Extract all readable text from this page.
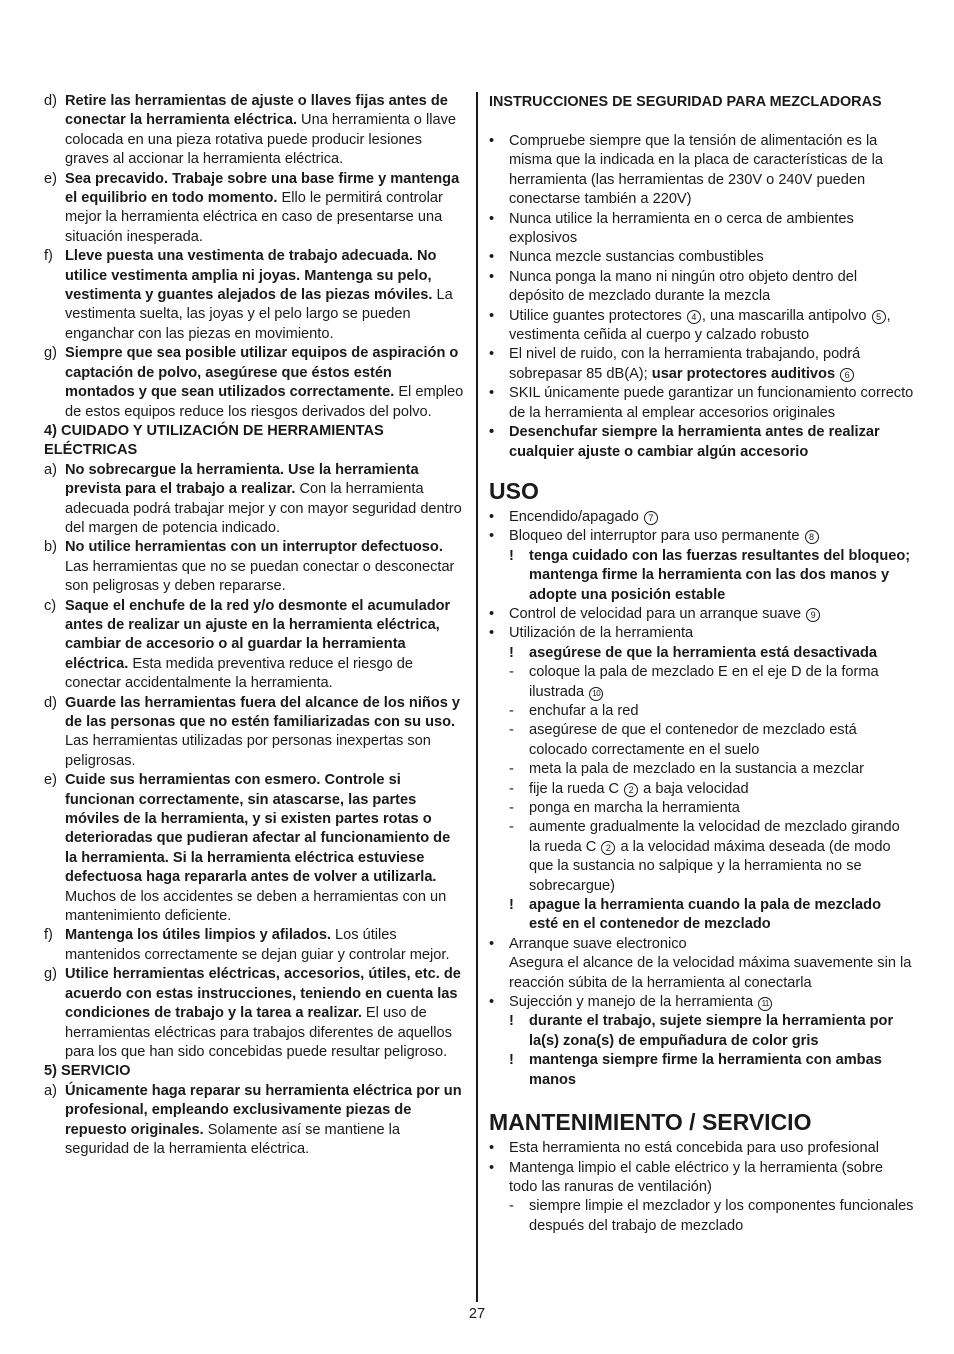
d) Retire las herramientas de ajuste o llaves fijas antes de conectar la herramienta eléctrica. Una herramienta o llave colocada en una pieza rotativa puede producir lesiones graves al accionar la herramienta eléctrica.
e) Sea precavido. Trabaje sobre una base firme y mantenga el equilibrio en todo momento. Ello le permitirá controlar mejor la herramienta eléctrica en caso de presentarse una situación inesperada.
f) Lleve puesta una vestimenta de trabajo adecuada. No utilice vestimenta amplia ni joyas. Mantenga su pelo, vestimenta y guantes alejados de las piezas móviles. La vestimenta suelta, las joyas y el pelo largo se pueden enganchar con las piezas en movimiento.
g) Siempre que sea posible utilizar equipos de aspiración o captación de polvo, asegúrese que éstos estén montados y que sean utilizados correctamente. El empleo de estos equipos reduce los riesgos derivados del polvo.
4) CUIDADO Y UTILIZACIÓN DE HERRAMIENTAS ELÉCTRICAS
a) No sobrecargue la herramienta. Use la herramienta prevista para el trabajo a realizar. Con la herramienta adecuada podrá trabajar mejor y con mayor seguridad dentro del margen de potencia indicado.
b) No utilice herramientas con un interruptor defectuoso. Las herramientas que no se puedan conectar o desconectar son peligrosas y deben repararse.
c) Saque el enchufe de la red y/o desmonte el acumulador antes de realizar un ajuste en la herramienta eléctrica, cambiar de accesorio o al guardar la herramienta eléctrica. Esta medida preventiva reduce el riesgo de conectar accidentalmente la herramienta.
d) Guarde las herramientas fuera del alcance de los niños y de las personas que no estén familiarizadas con su uso. Las herramientas utilizadas por personas inexpertas son peligrosas.
e) Cuide sus herramientas con esmero. Controle si funcionan correctamente, sin atascarse, las partes móviles de la herramienta, y si existen partes rotas o deterioradas que pudieran afectar al funcionamiento de la herramienta. Si la herramienta eléctrica estuviese defectuosa haga repararla antes de volver a utilizarla. Muchos de los accidentes se deben a herramientas con un mantenimiento deficiente.
f) Mantenga los útiles limpios y afilados. Los útiles mantenidos correctamente se dejan guiar y controlar mejor.
g) Utilice herramientas eléctricas, accesorios, útiles, etc. de acuerdo con estas instrucciones, teniendo en cuenta las condiciones de trabajo y la tarea a realizar. El uso de herramientas eléctricas para trabajos diferentes de aquellos para los que han sido concebidas puede resultar peligroso.
5) SERVICIO
a) Únicamente haga reparar su herramienta eléctrica por un profesional, empleando exclusivamente piezas de repuesto originales. Solamente así se mantiene la seguridad de la herramienta eléctrica.
INSTRUCCIONES DE SEGURIDAD PARA MEZCLADORAS
• Compruebe siempre que la tensión de alimentación es la misma que la indicada en la placa de características de la herramienta (las herramientas de 230V o 240V pueden conectarse también a 220V)
• Nunca utilice la herramienta en o cerca de ambientes explosivos
• Nunca mezcle sustancias combustibles
• Nunca ponga la mano ni ningún otro objeto dentro del depósito de mezclado durante la mezcla
• Utilice guantes protectores 4 , una mascarilla antipolvo 5 , vestimenta ceñida al cuerpo y calzado robusto
• El nivel de ruido, con la herramienta trabajando, podrá sobrepasar 85 dB(A); usar protectores auditivos 6
• SKIL únicamente puede garantizar un funcionamiento correcto de la herramienta al emplear accesorios originales
• Desenchufar siempre la herramienta antes de realizar cualquier ajuste o cambiar algún accesorio
USO
• Encendido/apagado 7
• Bloqueo del interruptor para uso permanente 8
! tenga cuidado con las fuerzas resultantes del bloqueo; mantenga firme la herramienta con las dos manos y adopte una posición estable
• Control de velocidad para un arranque suave 9
• Utilización de la herramienta
! asegúrese de que la herramienta está desactivada
- coloque la pala de mezclado E en el eje D de la forma ilustrada 10
- enchufar a la red
- asegúrese de que el contenedor de mezclado está colocado correctamente en el suelo
- meta la pala de mezclado en la sustancia a mezclar
- fije la rueda C 2 a baja velocidad
- ponga en marcha la herramienta
- aumente gradualmente la velocidad de mezclado girando la rueda C 2 a la velocidad máxima deseada (de modo que la sustancia no salpique y la herramienta no se sobrecargue)
! apague la herramienta cuando la pala de mezclado esté en el contenedor de mezclado
• Arranque suave electronico
Asegura el alcance de la velocidad máxima suavemente sin la reacción súbita de la herramienta al conectarla
• Sujección y manejo de la herramienta 11
! durante el trabajo, sujete siempre la herramienta por la(s) zona(s) de empuñadura de color gris
! mantenga siempre firme la herramienta con ambas manos
MANTENIMIENTO / SERVICIO
• Esta herramienta no está concebida para uso profesional
• Mantenga limpio el cable eléctrico y la herramienta (sobre todo las ranuras de ventilación)
- siempre limpie el mezclador y los componentes funcionales después del trabajo de mezclado
27
